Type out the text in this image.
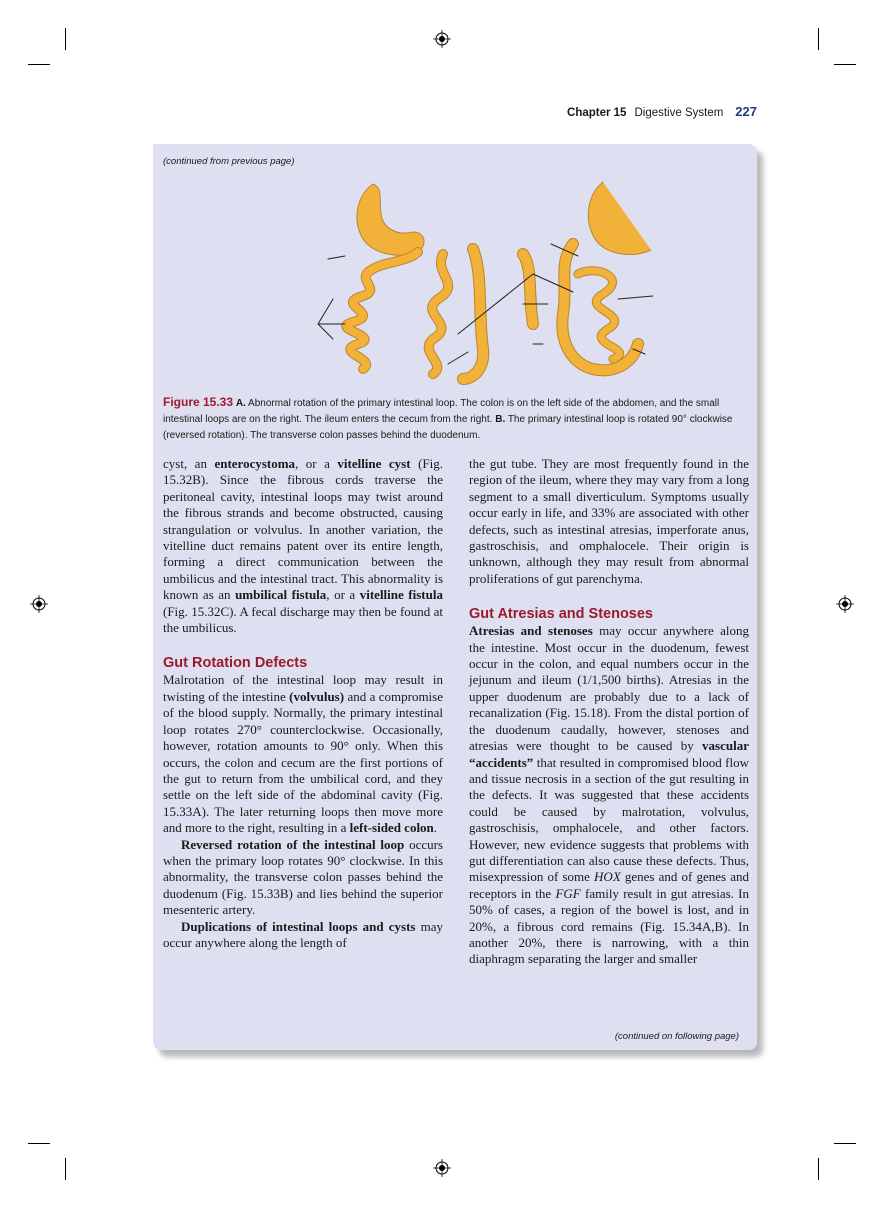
Chapter 15 Digestive System 227
(continued from previous page)
Figure 15.33 A. Abnormal rotation of the primary intestinal loop. The colon is on the left side of the abdomen, and the small intestinal loops are on the right. The ileum enters the cecum from the right. B. The primary intestinal loop is rotated 90° clockwise (reversed rotation). The transverse colon passes behind the duodenum.

cyst, an enterocystoma, or a vitelline cyst (Fig. 15.32B). Since the fibrous cords traverse the peritoneal cavity, intestinal loops may twist around the fibrous strands and become obstructed, causing strangulation or volvulus. In another variation, the vitelline duct remains patent over its entire length, forming a direct communication between the umbilicus and the intestinal tract. This abnormality is known as an umbilical fistula, or a vitelline fistula (Fig. 15.32C). A fecal discharge may then be found at the umbilicus.

Gut Rotation Defects

Malrotation of the intestinal loop may result in twisting of the intestine (volvulus) and a compromise of the blood supply. Normally, the primary intestinal loop rotates 270° counterclockwise. Occasionally, however, rotation amounts to 90° only. When this occurs, the colon and cecum are the first portions of the gut to return from the umbilical cord, and they settle on the left side of the abdominal cavity (Fig. 15.33A). The later returning loops then move more and more to the right, resulting in a left-sided colon.

Reversed rotation of the intestinal loop occurs when the primary loop rotates 90° clockwise. In this abnormality, the transverse colon passes behind the duodenum (Fig. 15.33B) and lies behind the superior mesenteric artery.

Duplications of intestinal loops and cysts may occur anywhere along the length of

the gut tube. They are most frequently found in the region of the ileum, where they may vary from a long segment to a small diverticulum. Symptoms usually occur early in life, and 33% are associated with other defects, such as intestinal atresias, imperforate anus, gastroschisis, and omphalocele. Their origin is unknown, although they may result from abnormal proliferations of gut parenchyma.

Gut Atresias and Stenoses

Atresias and stenoses may occur anywhere along the intestine. Most occur in the duodenum, fewest occur in the colon, and equal numbers occur in the jejunum and ileum (1/1,500 births). Atresias in the upper duodenum are probably due to a lack of recanalization (Fig. 15.18). From the distal portion of the duodenum caudally, however, stenoses and atresias were thought to be caused by vascular “accidents” that resulted in compromised blood flow and tissue necrosis in a section of the gut resulting in the defects. It was suggested that these accidents could be caused by malrotation, volvulus, gastroschisis, omphalocele, and other factors. However, new evidence suggests that problems with gut differentiation can also cause these defects. Thus, misexpression of some HOX genes and of genes and receptors in the FGF family result in gut atresias. In 50% of cases, a region of the bowel is lost, and in 20%, a fibrous cord remains (Fig. 15.34A,B). In another 20%, there is narrowing, with a thin diaphragm separating the larger and smaller

(continued on following page)
